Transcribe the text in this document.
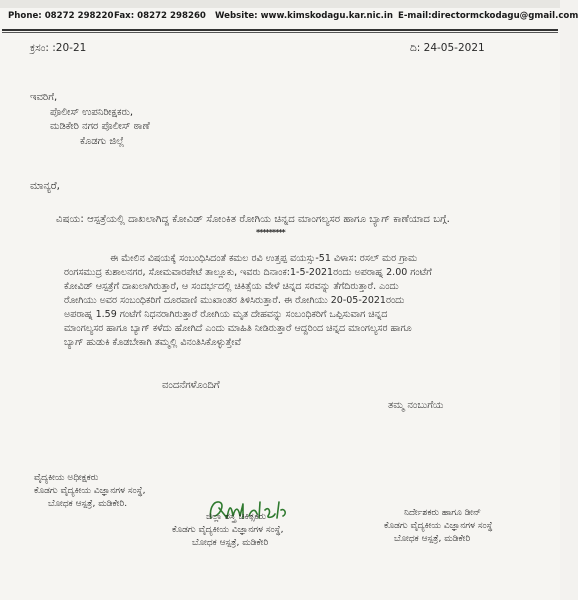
Phone: 08272 298220 Fax: 08272 298260 Website: www.kimskodagu.kar.nic.in E-mail:directormckodagu@gmail.com
ಕ್ರಸಂ: :20-21	ದಿ: 24-05-2021
ಇವರಿಗೆ,
ಪೊಲೀಸ್ ಉಪನಿರೀಕ್ಷಕರು,
ಮಡಿಕೇರಿ ನಗರ ಪೊಲೀಸ್ ಠಾಣೆ
ಕೊಡಗು ಜಿಲ್ಲೆ
ಮಾನ್ಯರೆ,
ವಿಷಯ: ಆಸ್ಪತ್ರೆಯಲ್ಲಿ ದಾಖಲಾಗಿದ್ದ ಕೋವಿಡ್ ಸೋಂಕಿತ ರೋಗಿಯ ಚಿನ್ನದ ಮಾಂಗಲ್ಯಸರ ಹಾಗೂ ಬ್ಯಾಗ್ ಕಾಣೆಯಾದ ಬಗ್ಗೆ.
*********
ಈ ಮೇಲಿನ ವಿಷಯಕ್ಕೆ ಸಂಬಂಧಿಸಿದಂತೆ ಕಮಲ ರವಿ ಉತ್ತಪ್ಪ ವಯಸ್ಸು-51 ವಿಳಾಸ: ರಸಲ್ ಮರ ಗ್ರಾಮ
ರಂಗಸಮುದ್ರ ಕುಶಾಲನಗರ, ಸೋಮವಾರಪೇಟೆ ತಾಲ್ಲೂಕು, ಇವರು ದಿನಾಂಕ:1-5-2021ರಂದು ಅಪರಾಹ್ನ 2.00 ಗಂಟೆಗೆ
ಕೋವಿಡ್ ಆಸ್ಪತ್ರೆಗೆ ದಾಖಲಾಗಿರುತ್ತಾರೆ, ಆ ಸಂದರ್ಭದಲ್ಲಿ ಚಿಕಿತ್ಸೆಯ ವೇಳೆ ಚಿನ್ನದ ಸರವನ್ನು ತೆಗೆದಿರುತ್ತಾರೆ. ಎಂದು
ರೋಗಿಯು ಅವರ ಸಂಬಂಧಿಕರಿಗೆ ದೂರವಾಣಿ ಮುಖಾಂತರ ತಿಳಿಸಿರುತ್ತಾರೆ. ಈ ರೋಗಿಯು 20-05-2021ರಂದು
ಅಪರಾಹ್ನ 1.59 ಗಂಟೆಗೆ ನಿಧನರಾಗಿರುತ್ತಾರೆ ರೋಗಿಯ ಮೃತ ದೇಹವನ್ನು ಸಂಬಂಧಿಕರಿಗೆ ಒಪ್ಪಿಸುವಾಗ ಚಿನ್ನದ
ಮಾಂಗಲ್ಯಸರ ಹಾಗೂ ಬ್ಯಾಗ್ ಕಳೆದು ಹೋಗಿದೆ ಎಂದು ಮಾಹಿತಿ ನೀಡಿರುತ್ತಾರೆ ಆದ್ದರಿಂದ ಚಿನ್ನದ ಮಾಂಗಲ್ಯಸರ ಹಾಗೂ
ಬ್ಯಾಗ್ ಹುಡುಕಿ ಕೊಡಬೇಕಾಗಿ ತಮ್ಮಲ್ಲಿ ವಿನಂತಿಸಿಕೊಳ್ಳುತ್ತೇವೆ
ವಂದನೆಗಳೊಂದಿಗೆ
ತಮ್ಮ ನಂಬುಗೆಯ
ವೈದ್ಯಕೀಯ ಅಧೀಕ್ಷಕರು
ಕೊಡಗು ವೈದ್ಯಕೀಯ ವಿಜ್ಞಾನಗಳ ಸಂಸ್ಥೆ,
ಬೋಧಕ ಆಸ್ಪತ್ರೆ, ಮಡಿಕೇರಿ.
ಜಿಲ್ಲಾ ಶಸ್ತ್ರ ಚಿಕಿತ್ಸಕರು
ಕೊಡಗು ವೈದ್ಯಕೀಯ ವಿಜ್ಞಾನಗಳ ಸಂಸ್ಥೆ,
ಬೋಧಕ ಆಸ್ಪತ್ರೆ, ಮಡಿಕೇರಿ
ನಿರ್ದೇಶಕರು ಹಾಗೂ ಡೀನ್
ಕೊಡಗು ವೈದ್ಯಕೀಯ ವಿಜ್ಞಾನಗಳ ಸಂಸ್ಥೆ
ಬೋಧಕ ಆಸ್ಪತ್ರೆ, ಮಡಿಕೇರಿ
